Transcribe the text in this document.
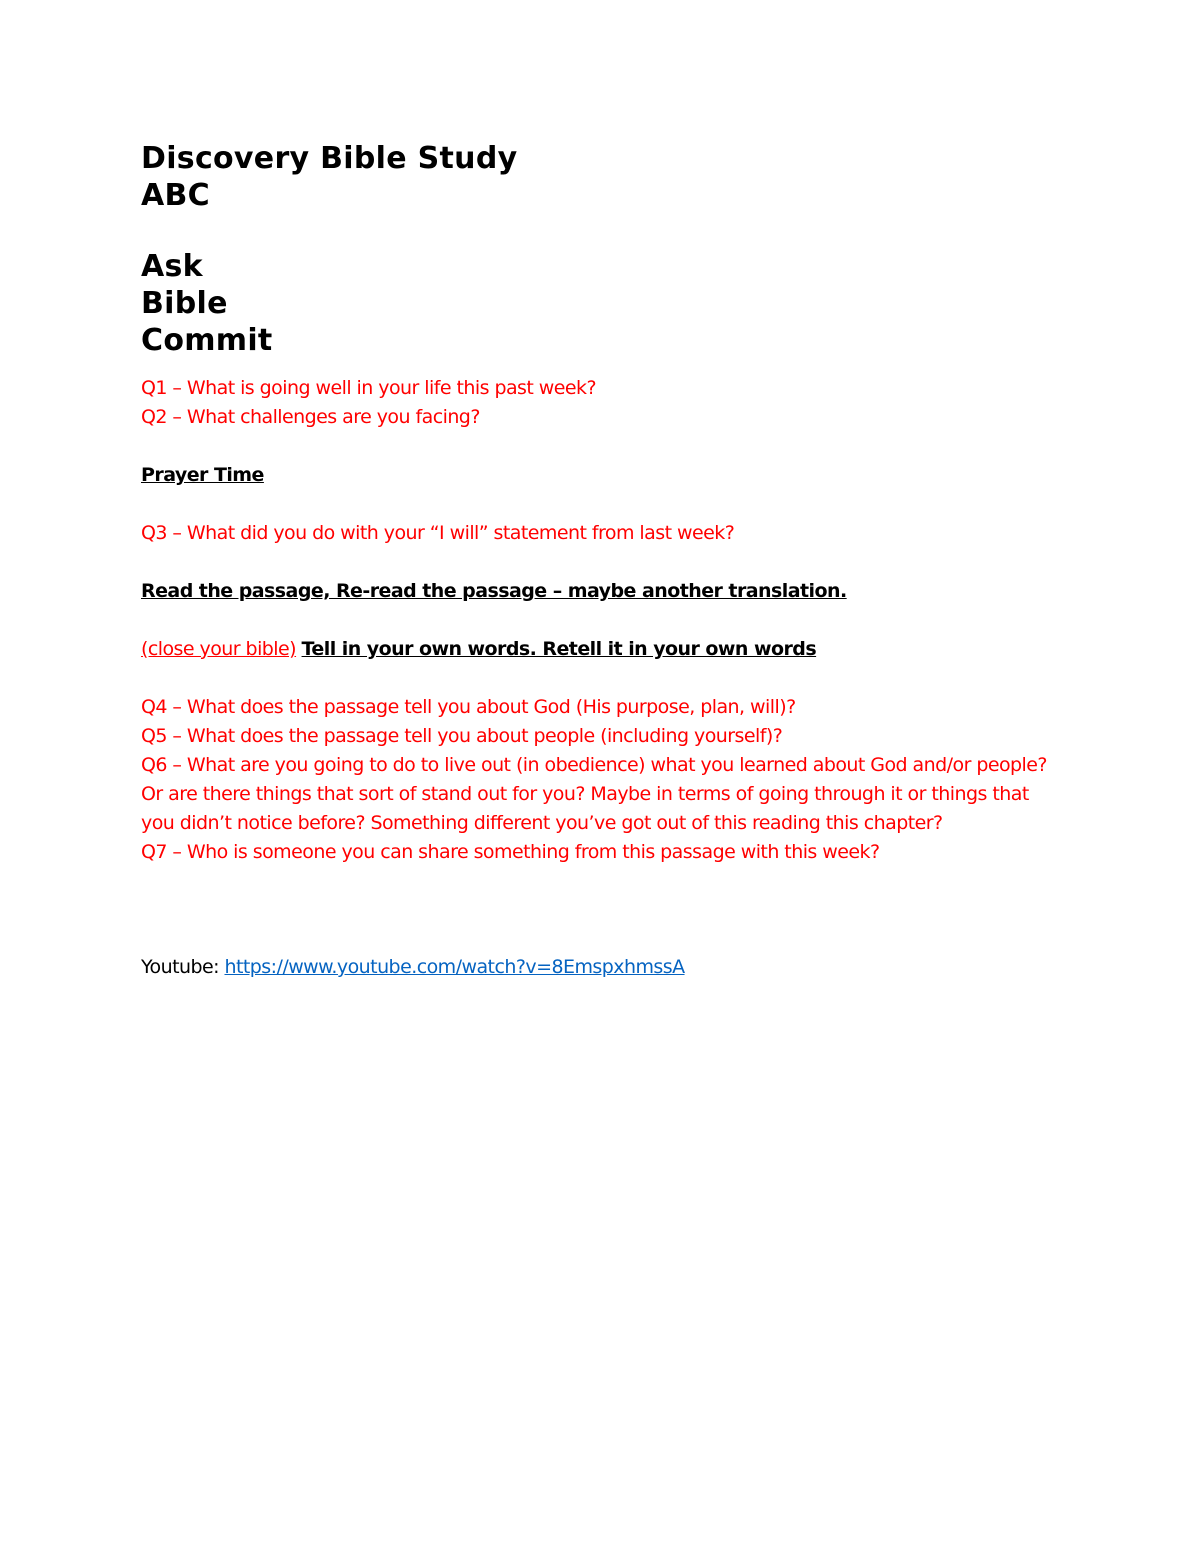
Discovery Bible Study
ABC
Ask
Bible
Commit
Q1 – What is going well in your life this past week?
Q2 – What challenges are you facing?
Prayer Time
Q3 – What did you do with your “I will” statement from last week?
Read the passage, Re-read the passage – maybe another translation.
(close your bible) Tell in your own words. Retell it in your own words
Q4 – What does the passage tell you about God (His purpose, plan, will)?
Q5 – What does the passage tell you about people (including yourself)?
Q6 – What are you going to do to live out (in obedience) what you learned about God and/or people? Or are there things that sort of stand out for you? Maybe in terms of going through it or things that you didn’t notice before? Something different you’ve got out of this reading this chapter?
Q7 – Who is someone you can share something from this passage with this week?
Youtube: https://www.youtube.com/watch?v=8EmspxhmssA
